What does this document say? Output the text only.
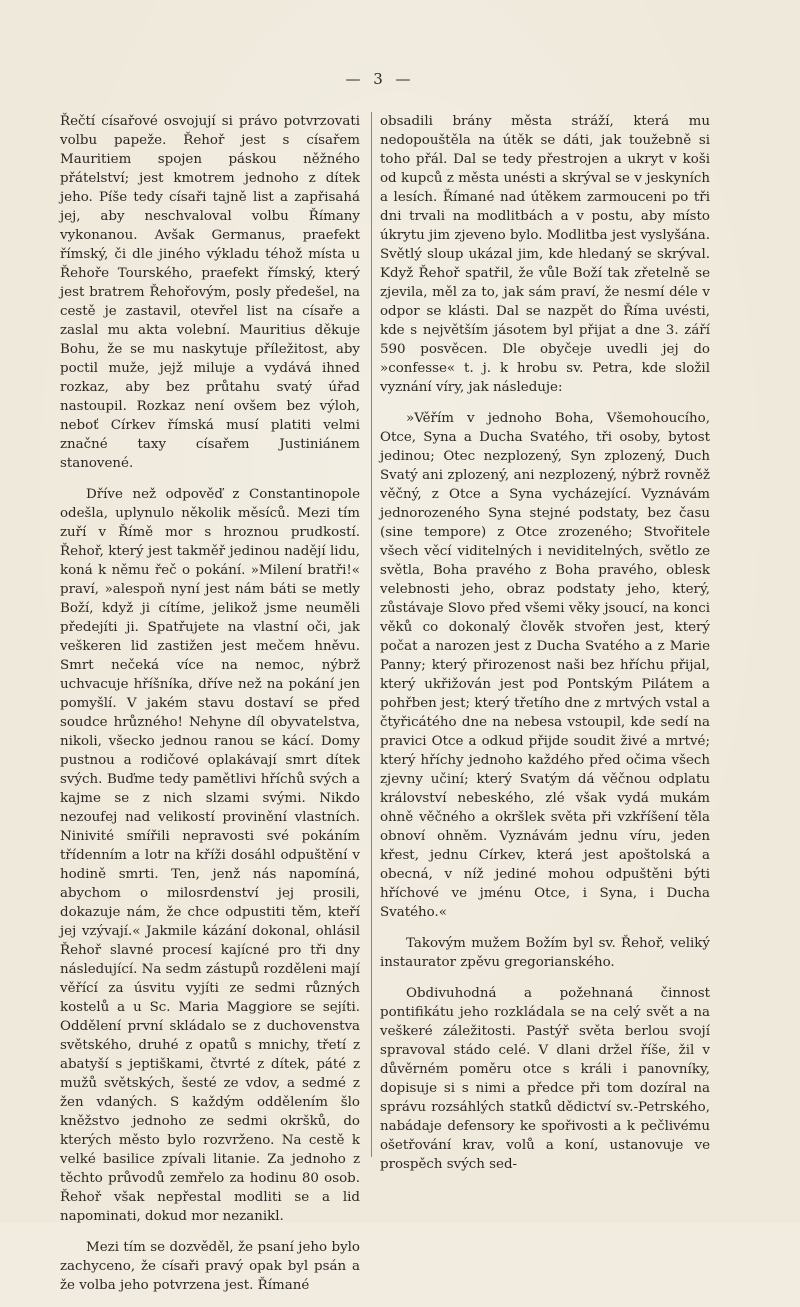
— 3 —

Řečtí císařové osvojují si právo potvrzovati volbu papeže. Řehoř jest s císařem Mauritiem spojen páskou něžného přátelství; jest kmotrem jednoho z dítek jeho. Píše tedy císaři tajně list a zapřisahá jej, aby neschvaloval volbu Římany vykonanou. Avšak Germanus, praefekt římský, či dle jiného výkladu téhož místa u Řehoře Tourského, praefekt římský, který jest bratrem Řehořovým, posly předešel, na cestě je zastavil, otevřel list na císaře a zaslal mu akta volební. Mauritius děkuje Bohu, že se mu naskytuje příležitost, aby poctil muže, jejž miluje a vydává ihned rozkaz, aby bez průtahu svatý úřad nastoupil. Rozkaz není ovšem bez výloh, neboť Církev římská musí platiti velmi značné taxy císařem Justiniánem stanovené.

Dříve než odpověď z Constantinopole odešla, uplynulo několik měsíců. Mezi tím zuří v Římě mor s hroznou prudkostí. Řehoř, který jest takměř jedinou nadějí lidu, koná k němu řeč o pokání. »Milení bratři!« praví, »alespoň nyní jest nám báti se metly Boží, když ji cítíme, jelikož jsme neuměli předejíti ji. Spatřujete na vlastní oči, jak veškeren lid zastižen jest mečem hněvu. Smrt nečeká více na nemoc, nýbrž uchvacuje hříšníka, dříve než na pokání jen pomyšlí. V jakém stavu dostaví se před soudce hrůzného! Nehyne díl obyvatelstva, nikoli, všecko jednou ranou se kácí. Domy pustnou a rodičové oplakávají smrt dítek svých. Buďme tedy pamětlivi hříchů svých a kajme se z nich slzami svými. Nikdo nezoufej nad velikostí provinění vlastních. Ninivité smířili nepravosti své pokáním třídenním a lotr na kříži dosáhl odpuštění v hodině smrti. Ten, jenž nás napomíná, abychom o milosrdenství jej prosili, dokazuje nám, že chce odpustiti těm, kteří jej vzývají.« Jakmile kázání dokonal, ohlásil Řehoř slavné procesí kajícné pro tři dny následující. Na sedm zástupů rozděleni mají věřící za úsvitu vyjíti ze sedmi různých kostelů a u Sc. Maria Maggiore se sejíti. Oddělení první skládalo se z duchovenstva světského, druhé z opatů s mnichy, třetí z abatyší s jeptiškami, čtvrté z dítek, páté z mužů světských, šesté ze vdov, a sedmé z žen vdaných. S každým oddělením šlo kněžstvo jednoho ze sedmi okršků, do kterých město bylo rozvrženo. Na cestě k velké basilice zpívali litanie. Za jednoho z těchto průvodů zemřelo za hodinu 80 osob. Řehoř však nepřestal modliti se a lid napominati, dokud mor nezanikl.

Mezi tím se dozvěděl, že psaní jeho bylo zachyceno, že císaři pravý opak byl psán a že volba jeho potvrzena jest. Římané

obsadili brány města stráží, která mu nedopouštěla na útěk se dáti, jak toužebně si toho přál. Dal se tedy přestrojen a ukryt v koši od kupců z města unésti a skrýval se v jeskyních a lesích. Římané nad útěkem zarmouceni po tři dni trvali na modlitbách a v postu, aby místo úkrytu jim zjeveno bylo. Modlitba jest vyslyšána. Světlý sloup ukázal jim, kde hledaný se skrýval. Když Řehoř spatřil, že vůle Boží tak zřetelně se zjevila, měl za to, jak sám praví, že nesmí déle v odpor se klásti. Dal se nazpět do Říma uvésti, kde s největším jásotem byl přijat a dne 3. září 590 posvěcen. Dle obyčeje uvedli jej do »confesse« t. j. k hrobu sv. Petra, kde složil vyznání víry, jak následuje:

»Věřím v jednoho Boha, Všemohoucího, Otce, Syna a Ducha Svatého, tři osoby, bytost jedinou; Otec nezplozený, Syn zplozený, Duch Svatý ani zplozený, ani nezplozený, nýbrž rovněž věčný, z Otce a Syna vycházející. Vyznávám jednorozeného Syna stejné podstaty, bez času (sine tempore) z Otce zrozeného; Stvořitele všech věcí viditelných i neviditelných, světlo ze světla, Boha pravého z Boha pravého, oblesk velebnosti jeho, obraz podstaty jeho, který, zůstávaje Slovo před všemi věky jsoucí, na konci věků co dokonalý člověk stvořen jest, který počat a narozen jest z Ducha Svatého a z Marie Panny; který přirozenost naši bez hříchu přijal, který ukřižován jest pod Pontským Pilátem a pohřben jest; který třetího dne z mrtvých vstal a čtyřicátého dne na nebesa vstoupil, kde sedí na pravici Otce a odkud přijde soudit živé a mrtvé; který hříchy jednoho každého před očima všech zjevny učiní; který Svatým dá věčnou odplatu království nebeského, zlé však vydá mukám ohně věčného a okršlek světa při vzkříšení těla obnoví ohněm. Vyznávám jednu víru, jeden křest, jednu Církev, která jest apoštolská a obecná, v níž jediné mohou odpuštěni býti hříchové ve jménu Otce, i Syna, i Ducha Svatého.«

Takovým mužem Božím byl sv. Řehoř, veliký instaurator zpěvu gregorianského.

Obdivuhodná a požehnaná činnost pontifikátu jeho rozkládala se na celý svět a na veškeré záležitosti. Pastýř světa berlou svojí spravoval stádo celé. V dlani držel říše, žil v důvěrném poměru otce s králi i panovníky, dopisuje si s nimi a předce při tom dozíral na správu rozsáhlých statků dědictví sv.-Petrského, nabádaje defensory ke spořivosti a k pečlivému ošetřování krav, volů a koní, ustanovuje ve prospěch svých sed-
